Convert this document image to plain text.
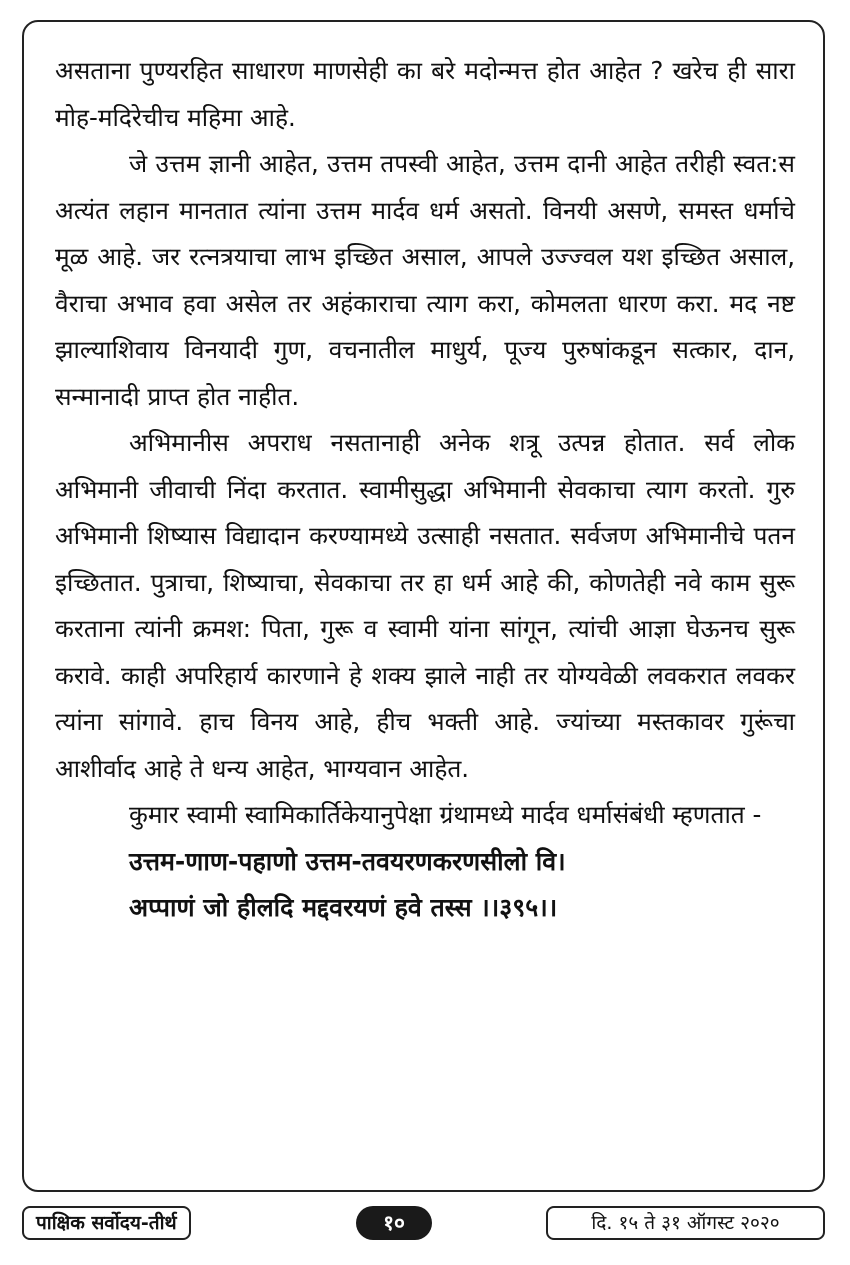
असताना पुण्यरहित साधारण माणसेही का बरे मदोन्मत्त होत आहेत ? खरेच ही सारा मोह-मदिरेचीच महिमा आहे.

जे उत्तम ज्ञानी आहेत, उत्तम तपस्वी आहेत, उत्तम दानी आहेत तरीही स्वत:स अत्यंत लहान मानतात त्यांना उत्तम मार्दव धर्म असतो. विनयी असणे, समस्त धर्माचे मूळ आहे. जर रत्नत्रयाचा लाभ इच्छित असाल, आपले उज्ज्वल यश इच्छित असाल, वैराचा अभाव हवा असेल तर अहंकाराचा त्याग करा, कोमलता धारण करा. मद नष्ट झाल्याशिवाय विनयादी गुण, वचनातील माधुर्य, पूज्य पुरुषांकडून सत्कार, दान, सन्मानादी प्राप्त होत नाहीत.

अभिमानीस अपराध नसतानाही अनेक शत्रू उत्पन्न होतात. सर्व लोक अभिमानी जीवाची निंदा करतात. स्वामीसुद्धा अभिमानी सेवकाचा त्याग करतो. गुरु अभिमानी शिष्यास विद्यादान करण्यामध्ये उत्साही नसतात. सर्वजण अभिमानीचे पतन इच्छितात. पुत्राचा, शिष्याचा, सेवकाचा तर हा धर्म आहे की, कोणतेही नवे काम सुरू करताना त्यांनी क्रमश: पिता, गुरू व स्वामी यांना सांगून, त्यांची आज्ञा घेऊनच सुरू करावे. काही अपरिहार्य कारणाने हे शक्य झाले नाही तर योग्यवेळी लवकरात लवकर त्यांना सांगावे. हाच विनय आहे, हीच भक्ती आहे. ज्यांच्या मस्तकावर गुरूंचा आशीर्वाद आहे ते धन्य आहेत, भाग्यवान आहेत.

कुमार स्वामी स्वामिकार्तिकेयानुपेक्षा ग्रंथामध्ये मार्दव धर्मासंबंधी म्हणतात -

उत्तम-णाण-पहाणो उत्तम-तवयरणकरणसीलो वि।

अप्पाणं जो हीलदि मद्दवरयणं हवे तस्स ।।३९५।।

पाक्षिक सर्वोदय-तीर्थ	१०	दि. १५ ते ३१ ऑगस्ट २०२०
